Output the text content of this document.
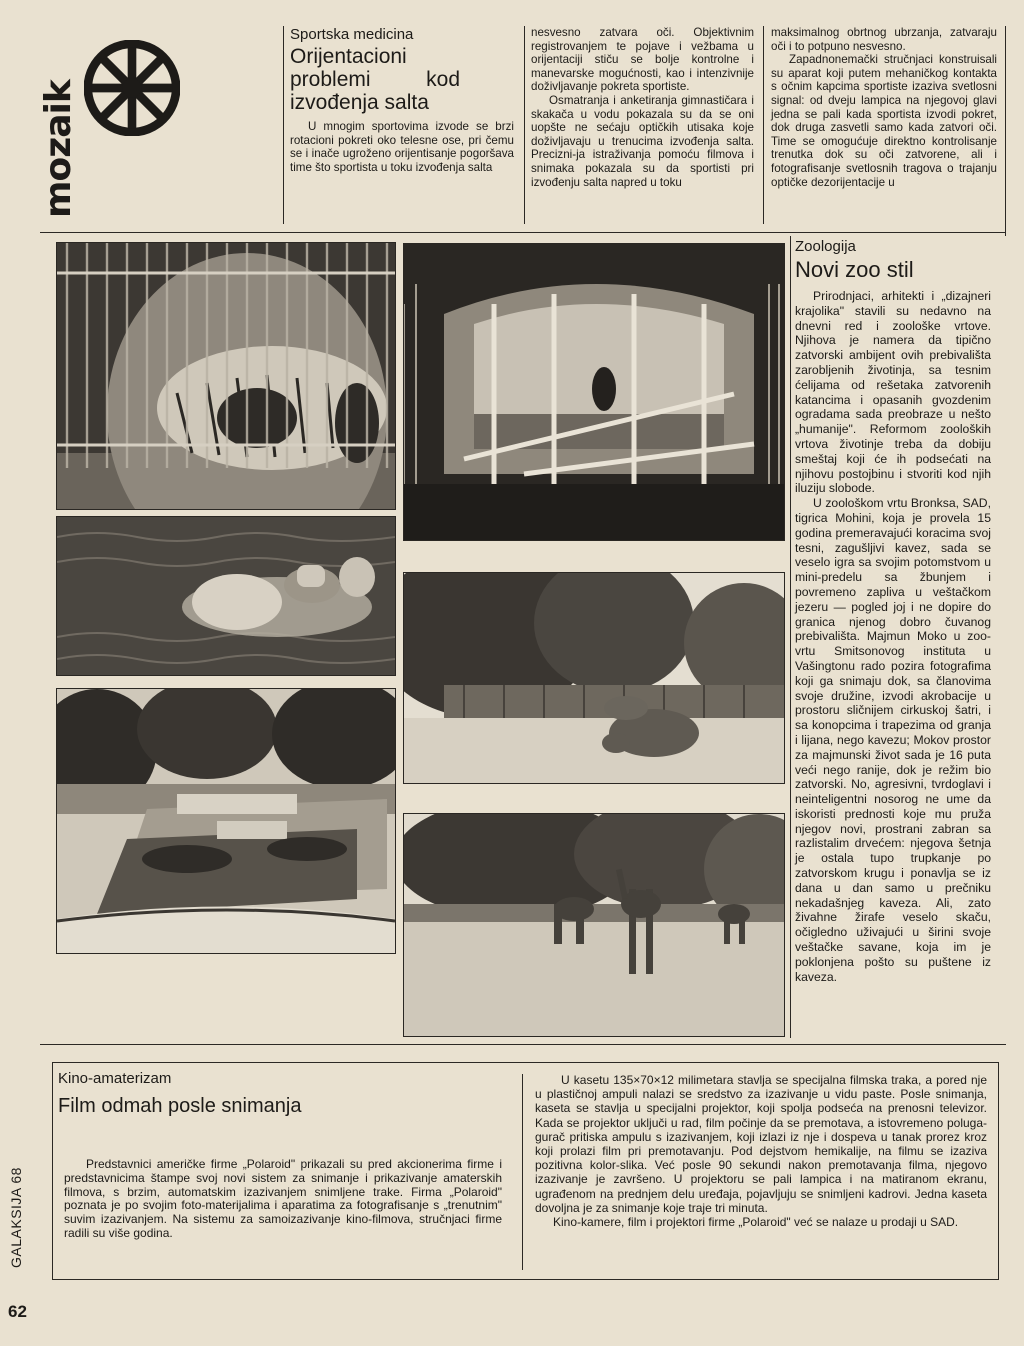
mozaik
Sportska medicina
Orijentacioni problemi kod izvođenja salta

U mnogim sportovima izvode se brzi rotacioni pokreti oko telesne ose, pri čemu se i inače ugroženo orijentisanje pogoršava time što sportista u toku izvođenja salta

nesvesno zatvara oči. Objektivnim registrovanjem te pojave i vežbama u orijentaciji stiču se bolje kontrolne i manevarske mogućnosti, kao i intenzivnije doživljavanje pokreta sportiste.

Osmatranja i anketiranja gimnastičara i skakača u vodu pokazala su da se oni uopšte ne sećaju optičkih utisaka koje doživljavaju u trenucima izvođenja salta. Precizni-ja istraživanja pomoću filmova i snimaka pokazala su da sportisti pri izvođenju salta napred u toku

maksimalnog obrtnog ubrzanja, zatvaraju oči i to potpuno nesvesno.

Zapadnonemački stručnjaci konstruisali su aparat koji putem mehaničkog kontakta s očnim kapcima sportiste izaziva svetlosni signal: od dveju lampica na njegovoj glavi jedna se pali kada sportista izvodi pokret, dok druga zasvetli samo kada zatvori oči. Time se omogućuje direktno kontrolisanje trenutka dok su oči zatvorene, ali i fotografisanje svetlosnih tragova o trajanju optičke dezorijentacije u

Zoologija
Novi zoo stil

Prirodnjaci, arhitekti i „dizajneri krajolika" stavili su nedavno na dnevni red i zoološke vrtove. Njihova je namera da tipično zatvorski ambijent ovih prebivališta zarobljenih životinja, sa tesnim ćelijama od rešetaka zatvorenih katancima i opasanih gvozdenim ogradama sada preobraze u nešto „humanije". Reformom zooloških vrtova životinje treba da dobiju smeštaj koji će ih podsećati na njihovu postojbinu i stvoriti kod njih iluziju slobode.

U zoološkom vrtu Bronksa, SAD, tigrica Mohini, koja je provela 15 godina premeravajući koracima svoj tesni, zagušljivi kavez, sada se veselo igra sa svojim potomstvom u mini-predelu sa žbunjem i povremeno zapliva u veštačkom jezeru — pogled joj i ne dopire do granica njenog dobro čuvanog prebivališta. Majmun Moko u zoo-vrtu Smitsonovog instituta u Vašingtonu rado pozira fotografima koji ga snimaju dok, sa članovima svoje družine, izvodi akrobacije u prostoru sličnijem cirkuskoj šatri, i sa konopcima i trapezima od granja i lijana, nego kavezu; Mokov prostor za majmunski život sada je 16 puta veći nego ranije, dok je režim bio zatvorski. No, agresivni, tvrdoglavi i neinteligentni nosorog ne ume da iskoristi prednosti koje mu pruža njegov novi, prostrani zabran sa razlistalim drvećem: njegova šetnja je ostala tupo trupkanje po zatvorskom krugu i ponavlja se iz dana u dan samo u prečniku nekadašnjeg kaveza. Ali, zato živahne žirafe veselo skaču, očigledno uživajući u širini svoje veštačke savane, koja im je poklonjena pošto su puštene iz kaveza.

GALAKSIJA 68
62
Kino-amaterizam
Film odmah posle snimanja

Predstavnici američke firme „Polaroid" prikazali su pred akcionerima firme i predstavnicima štampe svoj novi sistem za snimanje i prikazivanje amaterskih filmova, s brzim, automatskim izazivanjem snimljene trake. Firma „Polaroid" poznata je po svojim foto-materijalima i aparatima za fotografisanje s „trenutnim" suvim izazivanjem. Na sistemu za samoizazivanje kino-filmova, stručnjaci firme radili su više godina.

U kasetu 135×70×12 milimetara stavlja se specijalna filmska traka, a pored nje u plastičnoj ampuli nalazi se sredstvo za izazivanje u vidu paste. Posle snimanja, kaseta se stavlja u specijalni projektor, koji spolja podseća na prenosni televizor. Kada se projektor uključi u rad, film počinje da se premotava, a istovremeno poluga-gurač pritiska ampulu s izazivanjem, koji izlazi iz nje i dospeva u tanak prorez kroz koji prolazi film pri premotavanju. Pod dejstvom hemikalije, na filmu se izaziva pozitivna kolor-slika. Već posle 90 sekundi nakon premotavanja filma, njegovo izazivanje je završeno. U projektoru se pali lampica i na matiranom ekranu, ugrađenom na prednjem delu uređaja, pojavljuju se snimljeni kadrovi. Jedna kaseta dovoljna je za snimanje koje traje tri minuta.

Kino-kamere, film i projektori firme „Polaroid" već se nalaze u prodaji u SAD.
